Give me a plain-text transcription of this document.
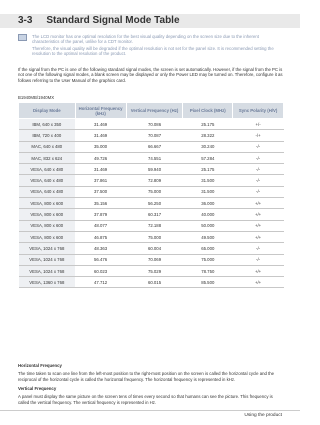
3-3 Standard Signal Mode Table

The LCD monitor has one optimal resolution for the best visual quality depending on the screen size due to the inherent characteristics of the panel, unlike for a CDT monitor.

Therefore, the visual quality will be degraded if the optimal resolution is not set for the panel size. It is recommended setting the resolution to the optimal resolution of the product.

If the signal from the PC is one of the following standard signal modes, the screen is set automatically. However, if the signal from the PC is not one of the following signal modes, a blank screen may be displayed or only the Power LED may be turned on. Therefore, configure it as follows referring to the User Manual of the graphics card.

B1940MB/1940MX
Display Mode	Horizontal Frequency (kHz)	Vertical Frequency (Hz)	Pixel Clock (MHz)	Sync Polarity (H/V)
IBM, 640 x 350	31.469	70.086	25.175	+/-
IBM, 720 x 400	31.469	70.087	28.322	-/+
MAC, 640 x 480	35.000	66.667	30.240	-/-
MAC, 832 x 624	49.726	74.551	57.284	-/-
VESA, 640 x 480	31.469	59.940	25.175	-/-
VESA, 640 x 480	37.861	72.809	31.500	-/-
VESA, 640 x 480	37.500	75.000	31.500	-/-
VESA, 800 x 600	35.156	56.250	36.000	+/+
VESA, 800 x 600	37.879	60.317	40.000	+/+
VESA, 800 x 600	48.077	72.188	50.000	+/+
VESA, 800 x 600	46.875	75.000	49.500	+/+
VESA, 1024 x 768	48.363	60.004	65.000	-/-
VESA, 1024 x 768	56.476	70.069	75.000	-/-
VESA, 1024 x 768	60.023	75.029	78.750	+/+
VESA, 1360 x 768	47.712	60.015	85.500	+/+
Horizontal Frequency
The time taken to scan one line from the left-most position to the right-most position on the screen is called the horizontal cycle and the reciprocal of the horizontal cycle is called the horizontal frequency. The horizontal frequency is represented in kHz.
Vertical Frequency
A panel must display the same picture on the screen tens of times every second so that humans can see the picture. This frequency is called the vertical frequency. The vertical frequency is represented in Hz.
Using the product
